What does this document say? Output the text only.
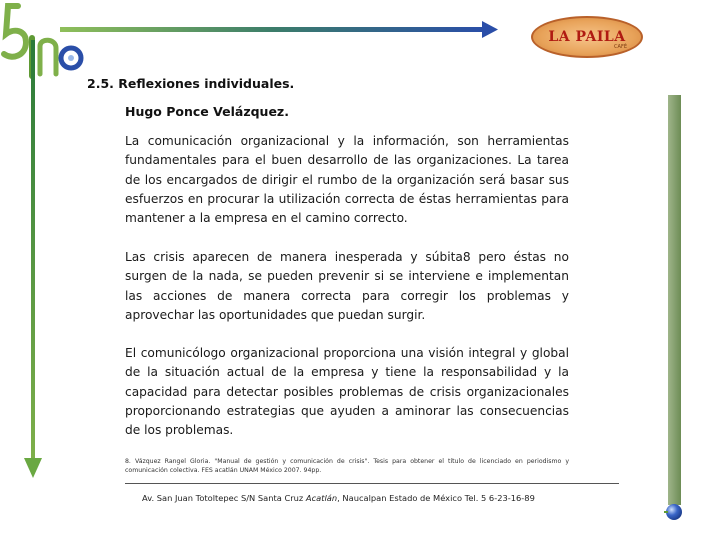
LA PAILA
CAFÉ
2.5. Reflexiones individuales.
Hugo Ponce Velázquez.

La comunicación organizacional y la información, son herramientas fundamentales para el buen desarrollo de las organizaciones. La tarea de los encargados de dirigir el rumbo de la organización será basar sus esfuerzos en procurar la utilización correcta de éstas herramientas para mantener a la empresa en el camino correcto.

Las crisis aparecen de manera inesperada y súbita8 pero éstas no surgen de la nada, se pueden prevenir si se interviene e implementan las acciones de manera correcta para corregir los problemas y aprovechar las oportunidades que puedan surgir.

El comunicólogo organizacional proporciona una visión integral y global de la situación actual de la empresa y tiene la responsabilidad y la capacidad para detectar posibles problemas de crisis organizacionales proporcionando estrategias que ayuden a aminorar las consecuencias de los problemas.

8. Vázquez Rangel Gloria. "Manual de gestión y comunicación de crisis". Tesis para obtener el título de licenciado en periodismo y comunicación colectiva. FES acatlán UNAM México 2007. 94pp.

Av. San Juan Totoltepec S/N Santa Cruz Acatlán, Naucalpan Estado de México Tel. 5 6-23-16-89
